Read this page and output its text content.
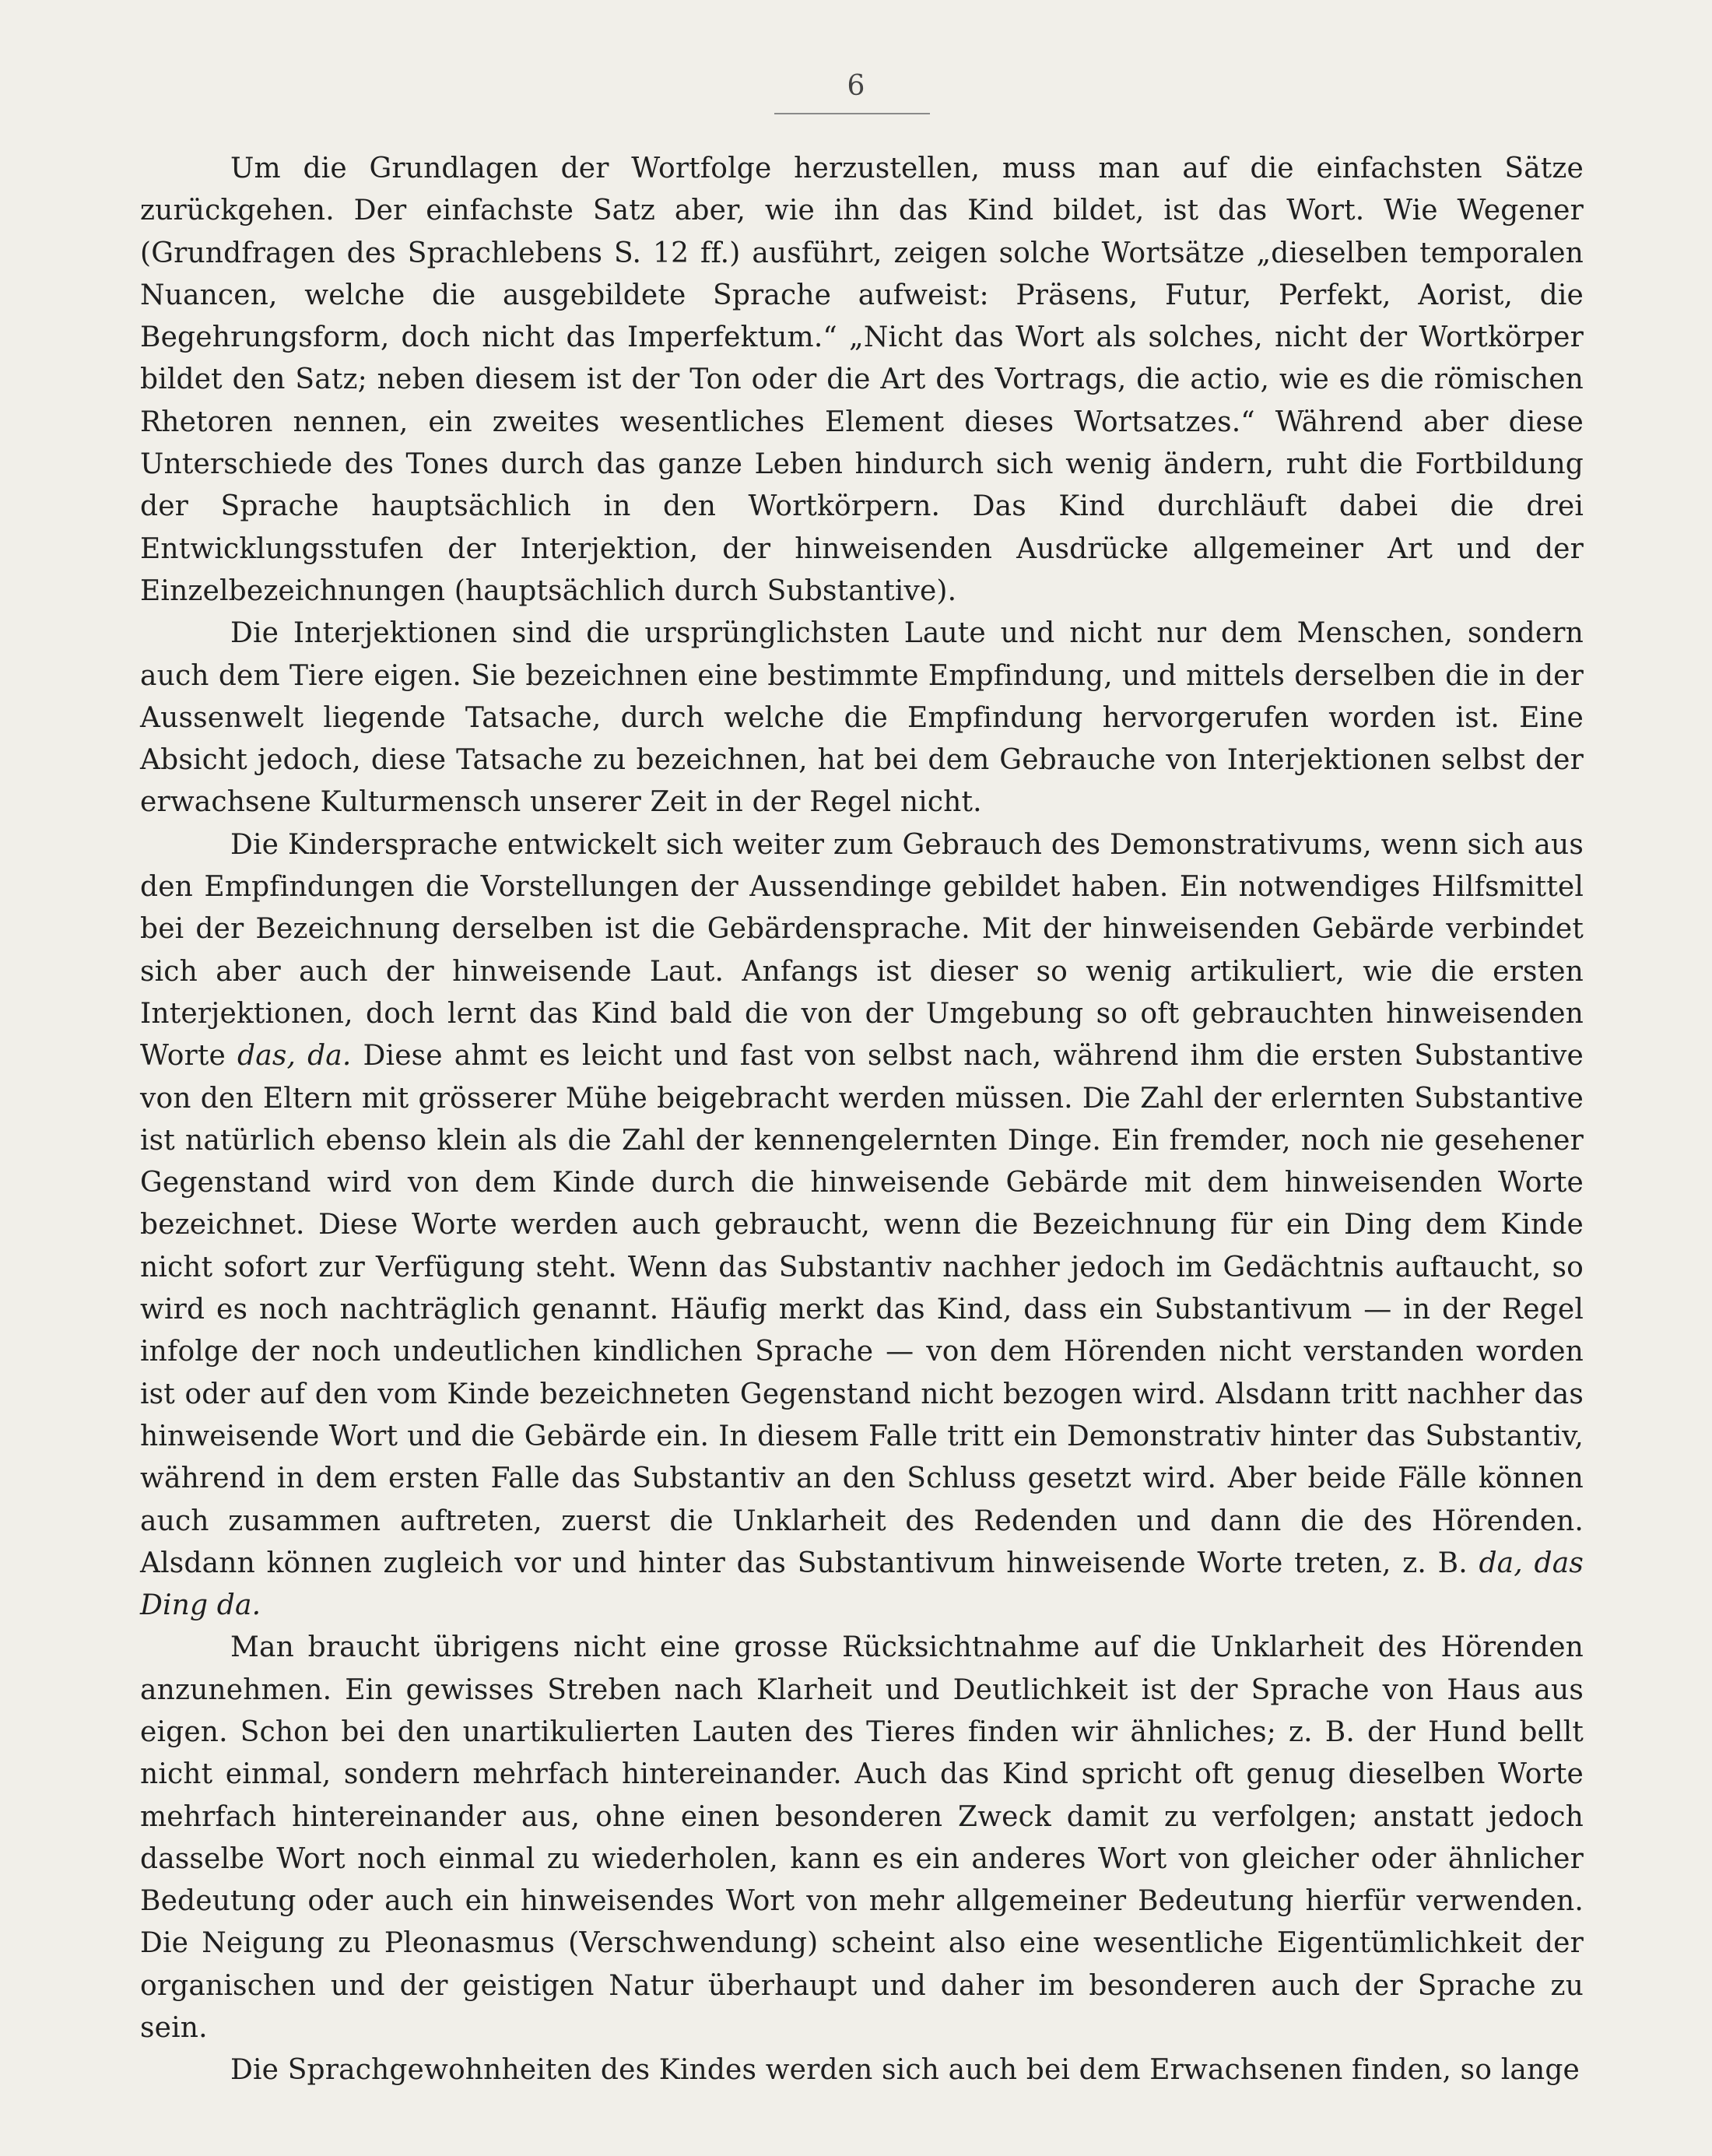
6

Um die Grundlagen der Wortfolge herzustellen, muss man auf die einfachsten Sätze zurückgehen. Der einfachste Satz aber, wie ihn das Kind bildet, ist das Wort. Wie Wegener (Grundfragen des Sprachlebens S. 12 ff.) ausführt, zeigen solche Wortsätze „dieselben temporalen Nuancen, welche die ausgebildete Sprache aufweist: Präsens, Futur, Perfekt, Aorist, die Begehrungsform, doch nicht das Imperfektum.“ „Nicht das Wort als solches, nicht der Wortkörper bildet den Satz; neben diesem ist der Ton oder die Art des Vortrags, die actio, wie es die römischen Rhetoren nennen, ein zweites wesentliches Element dieses Wortsatzes.“ Während aber diese Unterschiede des Tones durch das ganze Leben hindurch sich wenig ändern, ruht die Fortbildung der Sprache hauptsächlich in den Wortkörpern. Das Kind durchläuft dabei die drei Entwicklungsstufen der Interjektion, der hinweisenden Ausdrücke allgemeiner Art und der Einzelbezeichnungen (hauptsächlich durch Substantive).

Die Interjektionen sind die ursprünglichsten Laute und nicht nur dem Menschen, sondern auch dem Tiere eigen. Sie bezeichnen eine bestimmte Empfindung, und mittels derselben die in der Aussenwelt liegende Tatsache, durch welche die Empfindung hervorgerufen worden ist. Eine Absicht jedoch, diese Tatsache zu bezeichnen, hat bei dem Gebrauche von Interjektionen selbst der erwachsene Kulturmensch unserer Zeit in der Regel nicht.

Die Kindersprache entwickelt sich weiter zum Gebrauch des Demonstrativums, wenn sich aus den Empfindungen die Vorstellungen der Aussendinge gebildet haben. Ein notwendiges Hilfsmittel bei der Bezeichnung derselben ist die Gebärdensprache. Mit der hinweisenden Gebärde verbindet sich aber auch der hinweisende Laut. Anfangs ist dieser so wenig artikuliert, wie die ersten Interjektionen, doch lernt das Kind bald die von der Umgebung so oft gebrauchten hinweisenden Worte das, da. Diese ahmt es leicht und fast von selbst nach, während ihm die ersten Substantive von den Eltern mit grösserer Mühe beigebracht werden müssen. Die Zahl der erlernten Substantive ist natürlich ebenso klein als die Zahl der kennengelernten Dinge. Ein fremder, noch nie gesehener Gegenstand wird von dem Kinde durch die hinweisende Gebärde mit dem hinweisenden Worte bezeichnet. Diese Worte werden auch gebraucht, wenn die Bezeichnung für ein Ding dem Kinde nicht sofort zur Verfügung steht. Wenn das Substantiv nachher jedoch im Gedächtnis auftaucht, so wird es noch nachträglich genannt. Häufig merkt das Kind, dass ein Substantivum — in der Regel infolge der noch undeutlichen kindlichen Sprache — von dem Hörenden nicht verstanden worden ist oder auf den vom Kinde bezeichneten Gegenstand nicht bezogen wird. Alsdann tritt nachher das hinweisende Wort und die Gebärde ein. In diesem Falle tritt ein Demonstrativ hinter das Substantiv, während in dem ersten Falle das Substantiv an den Schluss gesetzt wird. Aber beide Fälle können auch zusammen auftreten, zuerst die Unklarheit des Redenden und dann die des Hörenden. Alsdann können zugleich vor und hinter das Substantivum hinweisende Worte treten, z. B. da, das Ding da.

Man braucht übrigens nicht eine grosse Rücksichtnahme auf die Unklarheit des Hörenden anzunehmen. Ein gewisses Streben nach Klarheit und Deutlichkeit ist der Sprache von Haus aus eigen. Schon bei den unartikulierten Lauten des Tieres finden wir ähnliches; z. B. der Hund bellt nicht einmal, sondern mehrfach hintereinander. Auch das Kind spricht oft genug dieselben Worte mehrfach hintereinander aus, ohne einen besonderen Zweck damit zu verfolgen; anstatt jedoch dasselbe Wort noch einmal zu wiederholen, kann es ein anderes Wort von gleicher oder ähnlicher Bedeutung oder auch ein hinweisendes Wort von mehr allgemeiner Bedeutung hierfür verwenden. Die Neigung zu Pleonasmus (Verschwendung) scheint also eine wesentliche Eigentümlichkeit der organischen und der geistigen Natur überhaupt und daher im besonderen auch der Sprache zu sein.

Die Sprachgewohnheiten des Kindes werden sich auch bei dem Erwachsenen finden, so lange
